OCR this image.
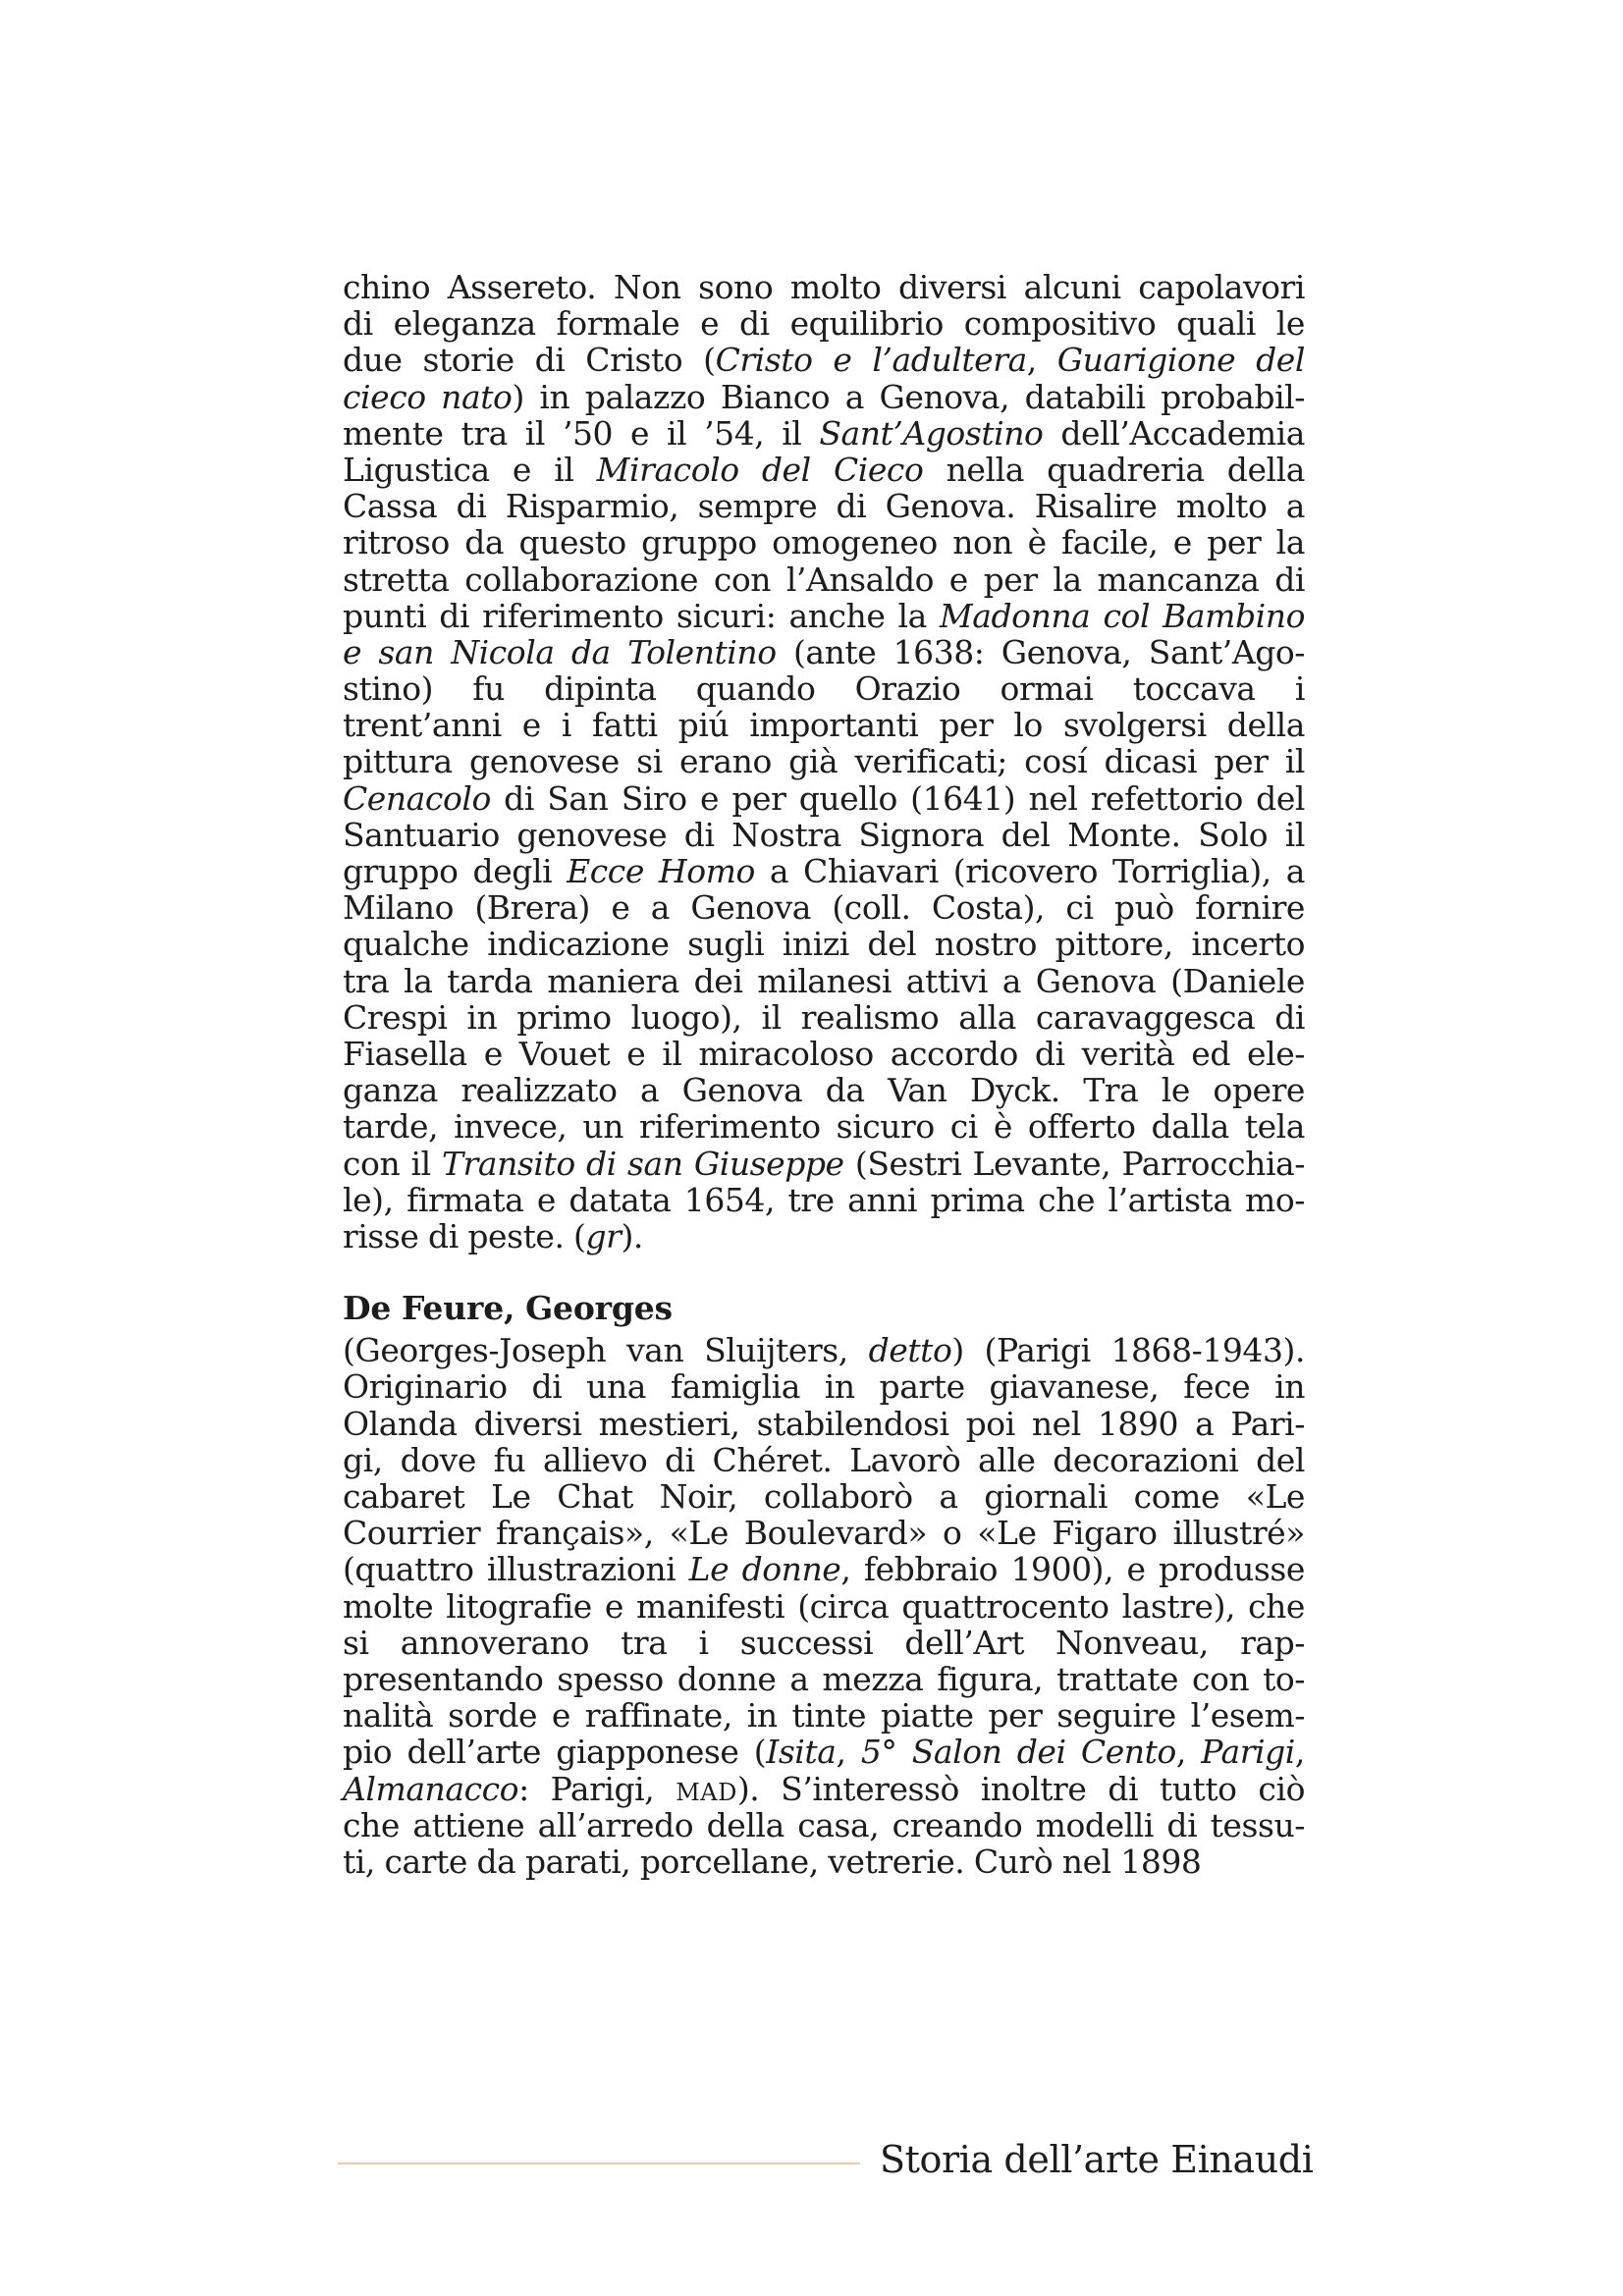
chino Assereto. Non sono molto diversi alcuni capolavori
di eleganza formale e di equilibrio compositivo quali le
due storie di Cristo (Cristo e l’adultera, Guarigione del
cieco nato) in palazzo Bianco a Genova, databili probabil-
mente tra il ’50 e il ’54, il Sant’Agostino dell’Accademia
Ligustica e il Miracolo del Cieco nella quadreria della
Cassa di Risparmio, sempre di Genova. Risalire molto a
ritroso da questo gruppo omogeneo non è facile, e per la
stretta collaborazione con l’Ansaldo e per la mancanza di
punti di riferimento sicuri: anche la Madonna col Bambino
e san Nicola da Tolentino (ante 1638: Genova, Sant’Ago-
stino) fu dipinta quando Orazio ormai toccava i
trent’anni e i fatti piú importanti per lo svolgersi della
pittura genovese si erano già verificati; cosí dicasi per il
Cenacolo di San Siro e per quello (1641) nel refettorio del
Santuario genovese di Nostra Signora del Monte. Solo il
gruppo degli Ecce Homo a Chiavari (ricovero Torriglia), a
Milano (Brera) e a Genova (coll. Costa), ci può fornire
qualche indicazione sugli inizi del nostro pittore, incerto
tra la tarda maniera dei milanesi attivi a Genova (Daniele
Crespi in primo luogo), il realismo alla caravaggesca di
Fiasella e Vouet e il miracoloso accordo di verità ed ele-
ganza realizzato a Genova da Van Dyck. Tra le opere
tarde, invece, un riferimento sicuro ci è offerto dalla tela
con il Transito di san Giuseppe (Sestri Levante, Parrocchia-
le), firmata e datata 1654, tre anni prima che l’artista mo-
risse di peste. (gr).
De Feure, Georges
(Georges-Joseph van Sluijters, detto) (Parigi 1868-1943).
Originario di una famiglia in parte giavanese, fece in
Olanda diversi mestieri, stabilendosi poi nel 1890 a Pari-
gi, dove fu allievo di Chéret. Lavorò alle decorazioni del
cabaret Le Chat Noir, collaborò a giornali come «Le
Courrier français», «Le Boulevard» o «Le Figaro illustré»
(quattro illustrazioni Le donne, febbraio 1900), e produsse
molte litografie e manifesti (circa quattrocento lastre), che
si annoverano tra i successi dell’Art Nonveau, rap-
presentando spesso donne a mezza figura, trattate con to-
nalità sorde e raffinate, in tinte piatte per seguire l’esem-
pio dell’arte giapponese (Isita, 5° Salon dei Cento, Parigi,
Almanacco: Parigi, MAD). S’interessò inoltre di tutto ciò
che attiene all’arredo della casa, creando modelli di tessu-
ti, carte da parati, porcellane, vetrerie. Curò nel 1898
Storia dell’arte Einaudi
